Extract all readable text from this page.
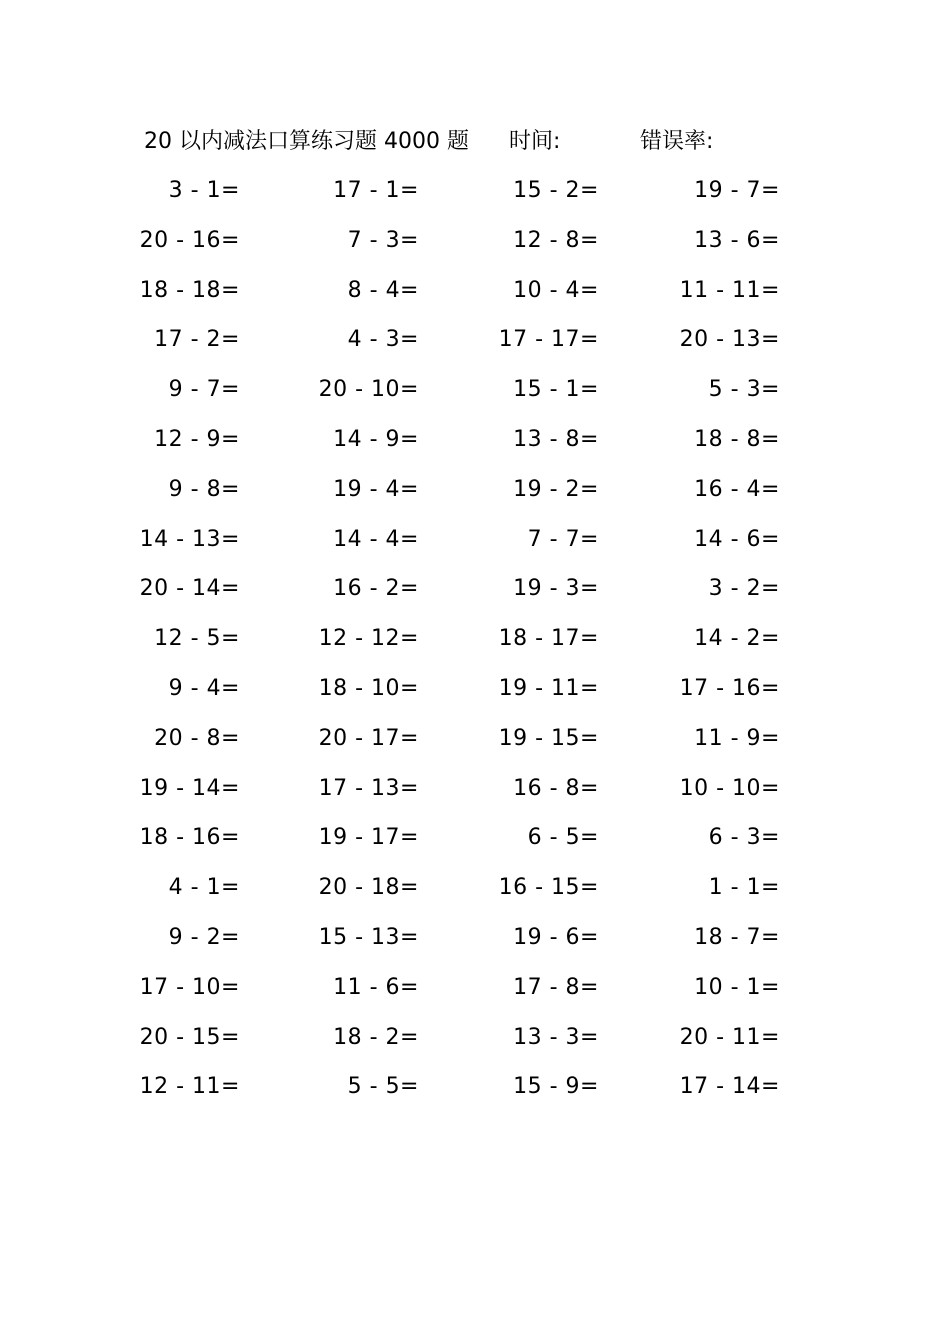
20 以内减法口算练习题 4000 题 时间:	错误率:
3 - 1=	17 - 1=	15 - 2=	19 - 7=
20 - 16=	7 - 3=	12 - 8=	13 - 6=
18 - 18=	8 - 4=	10 - 4=	11 - 11=
17 - 2=	4 - 3=	17 - 17=	20 - 13=
9 - 7=	20 - 10=	15 - 1=	5 - 3=
12 - 9=	14 - 9=	13 - 8=	18 - 8=
9 - 8=	19 - 4=	19 - 2=	16 - 4=
14 - 13=	14 - 4=	7 - 7=	14 - 6=
20 - 14=	16 - 2=	19 - 3=	3 - 2=
12 - 5=	12 - 12=	18 - 17=	14 - 2=
9 - 4=	18 - 10=	19 - 11=	17 - 16=
20 - 8=	20 - 17=	19 - 15=	11 - 9=
19 - 14=	17 - 13=	16 - 8=	10 - 10=
18 - 16=	19 - 17=	6 - 5=	6 - 3=
4 - 1=	20 - 18=	16 - 15=	1 - 1=
9 - 2=	15 - 13=	19 - 6=	18 - 7=
17 - 10=	11 - 6=	17 - 8=	10 - 1=
20 - 15=	18 - 2=	13 - 3=	20 - 11=
12 - 11=	5 - 5=	15 - 9=	17 - 14=
